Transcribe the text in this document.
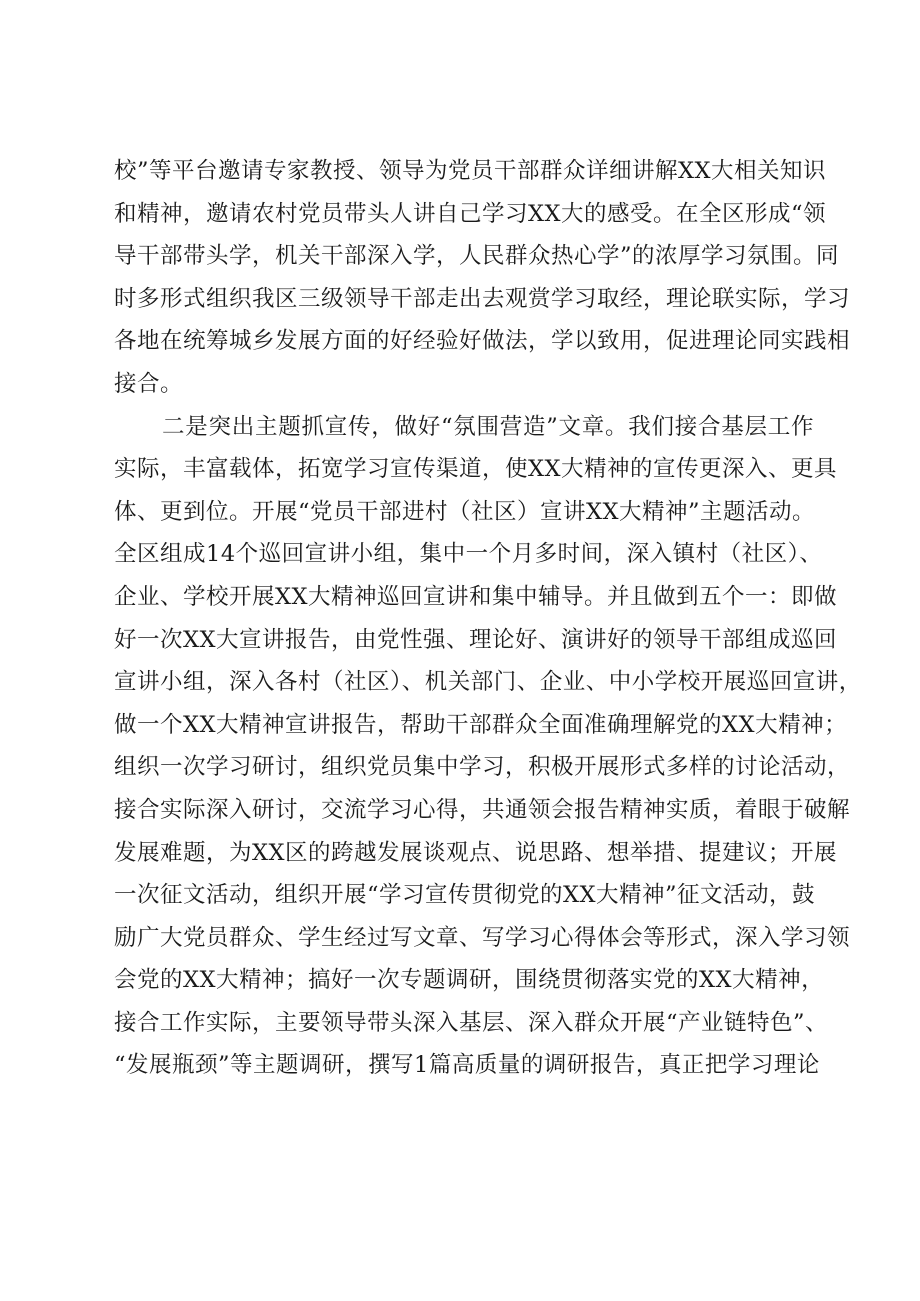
校”等平台邀请专家教授、领导为党员干部群众详细讲解XX大相关知识
和精神，邀请农村党员带头人讲自己学习XX大的感受。在全区形成“领
导干部带头学，机关干部深入学，人民群众热心学”的浓厚学习氛围。同
时多形式组织我区三级领导干部走出去观赏学习取经，理论联实际，学习
各地在统筹城乡发展方面的好经验好做法，学以致用，促进理论同实践相
接合。
二是突出主题抓宣传，做好“氛围营造”文章。我们接合基层工作
实际，丰富载体，拓宽学习宣传渠道，使XX大精神的宣传更深入、更具
体、更到位。开展“党员干部进村（社区）宣讲XX大精神”主题活动。
全区组成14个巡回宣讲小组，集中一个月多时间，深入镇村（社区）、
企业、学校开展XX大精神巡回宣讲和集中辅导。并且做到五个一：即做
好一次XX大宣讲报告，由党性强、理论好、演讲好的领导干部组成巡回
宣讲小组，深入各村（社区）、机关部门、企业、中小学校开展巡回宣讲，
做一个XX大精神宣讲报告，帮助干部群众全面准确理解党的XX大精神；
组织一次学习研讨，组织党员集中学习，积极开展形式多样的讨论活动，
接合实际深入研讨，交流学习心得，共通领会报告精神实质，着眼于破解
发展难题，为XX区的跨越发展谈观点、说思路、想举措、提建议；开展
一次征文活动，组织开展“学习宣传贯彻党的XX大精神”征文活动，鼓
励广大党员群众、学生经过写文章、写学习心得体会等形式，深入学习领
会党的XX大精神；搞好一次专题调研，围绕贯彻落实党的XX大精神，
接合工作实际，主要领导带头深入基层、深入群众开展“产业链特色”、
“发展瓶颈”等主题调研，撰写1篇高质量的调研报告，真正把学习理论
